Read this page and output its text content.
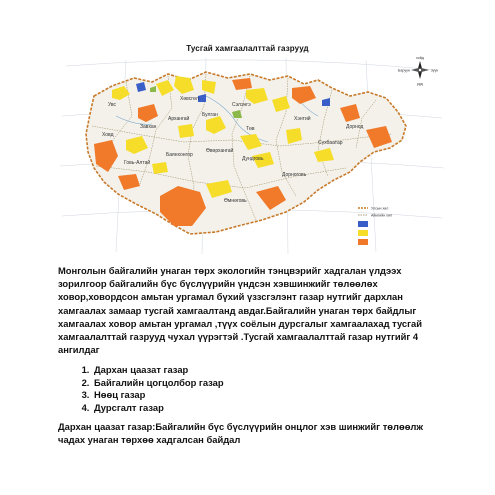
Тусгай хамгаалалттай газрууд
Увс
Хөвсгөл
Сэлэнгэ
Булган
Архангай	Хэнтий
Дорнод
Ховд
Завхан	Төв
Сүхбаатар
Говь-Алтай
Баянхонгор
Өвөрхангай
Дундговь
Дорноговь
Өмнөговь
Баруун
хойд
зүүн
урд
Улсын хил
Аймгийн хил

Монголын байгалийн унаган төрх экологийн тэнцвэрийг хадгалан үлдээх зорилгоор байгалийн бүс бүслүүрийн үндсэн хэвшинжийг төлөөлөх ховор,ховордсон амьтан ургамал бүхий үззсгэлэнт газар нутгийг дархлан хамгаалах замаар тусгай хамгаалтанд авдаг.Байгалийн унаган төрх байдлыг хамгаалах ховор амьтан ургамал ,түүх соёлын дурсгалыг хамгаалахад тусгай хамгаалалттай газрууд чухал үүрэгтэй .Тусгай хамгаалалттай газар нутгийг 4 ангилдаг

1. Дархан цаазат газар
2. Байгалийн цогцолбор газар
3. Нөөц газар
4. Дурсгалт газар

Дархан цаазат газар:Байгалийн бүс бүслүүрийн онцлог хэв шинжийг төлөөлж чадах унаган төрхөө хадгалсан байдал
